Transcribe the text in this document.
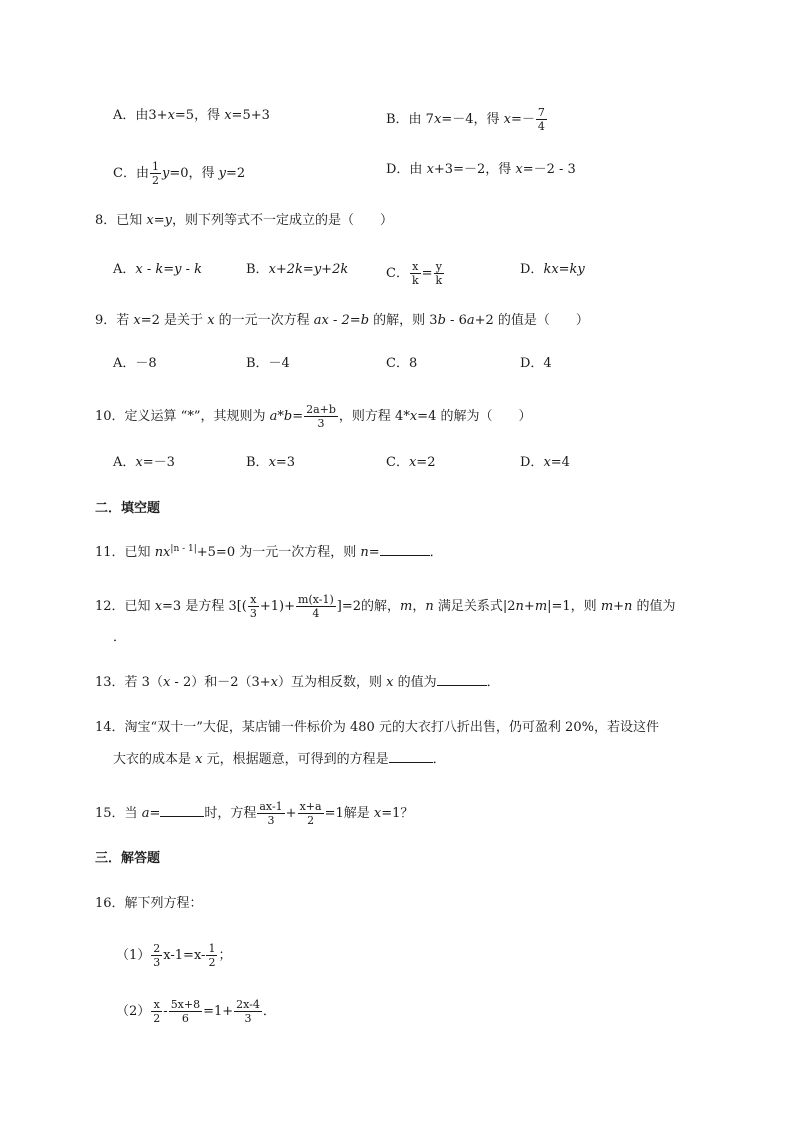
A．由3+x=5，得 x=5+3	B．由 7x=－4，得 $x=- \frac{7}{4}$
C．由 $\frac{1}{2} y=0$，得 y=2	D．由 x+3=－2，得 x=－2 - 3
8．已知 x=y，则下列等式不一定成立的是（　　）
A．x - k=y - k	B．x+2k=y+2k	C． $\frac{x}{k} = \frac{y}{k}$	D．kx=ky
9．若 x=2 是关于 x 的一元一次方程 ax - 2=b 的解，则 3b - 6a+2 的值是（　　）
A．－8	B．－4	C．8	D．4
10．定义运算 “*”，其规则为 $a*b= \frac{2a+b}{3}$ ，则方程 4*x=4 的解为（　　）
A．x=－3	B．x=3	C．x=2	D．x=4
二．填空题
11．已知 $nx^{|n - 1|}+5=0$ 为一元一次方程，则 n=	．
12．已知 x=3 是方程 $3[( \frac{x}{3} +1)+ \frac{m(x-1)}{4} ]=2$的解，m，n 满足关系式|2n+m|=1，则 m+n 的值为
．
13．若 3（x - 2）和－2（3+x）互为相反数，则 x 的值为	．
14．淘宝“双十一”大促，某店铺一件标价为 480 元的大衣打八折出售，仍可盈利 20%，若设这件
大衣的成本是 x 元，根据题意，可得到的方程是	．
15．当 a=	时，方程 $\frac{ax-1}{3} + \frac{x+a}{2} =1$解是 x=1？
三．解答题
16．解下列方程：
$(1) \frac{2}{3} x-1=x- \frac{1}{2}$ ；
$(2) \frac{x}{2} - \frac{5x+8}{6} =1+ \frac{2x-4}{3}$ ．
